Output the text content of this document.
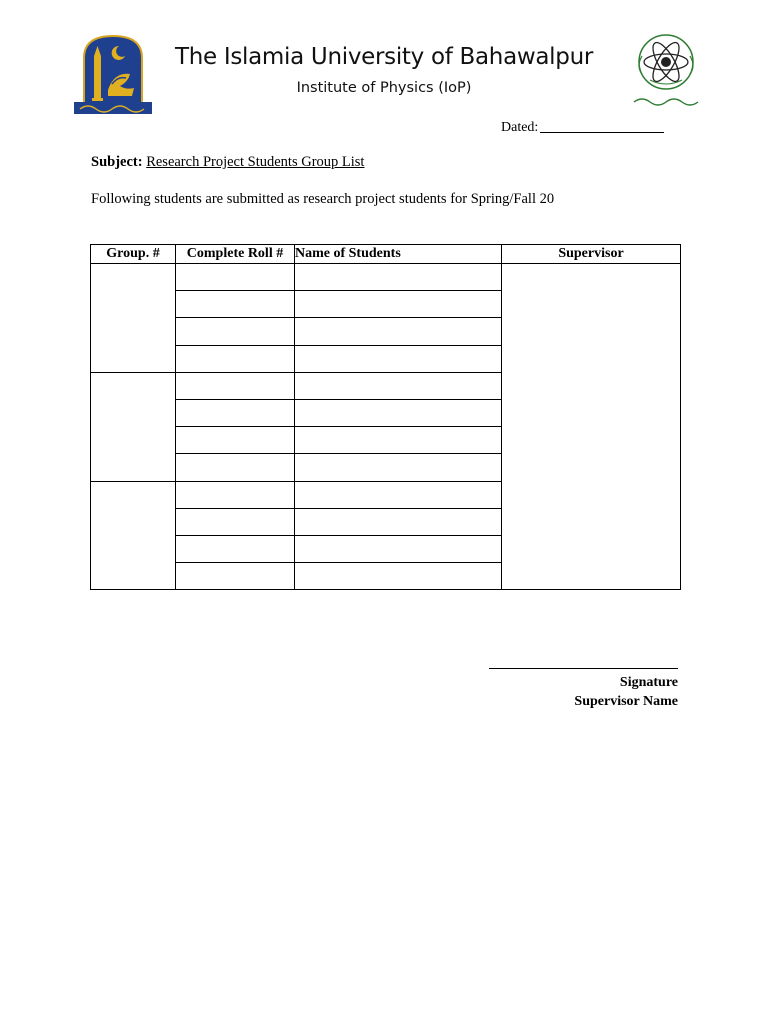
The Islamia University of Bahawalpur
Institute of Physics (IoP)
Dated:
Subject: Research Project Students Group List
Following students are submitted as research project students for Spring/Fall 20
Group. #	Complete Roll #	Name of Students	Supervisor

Signature
Supervisor Name
